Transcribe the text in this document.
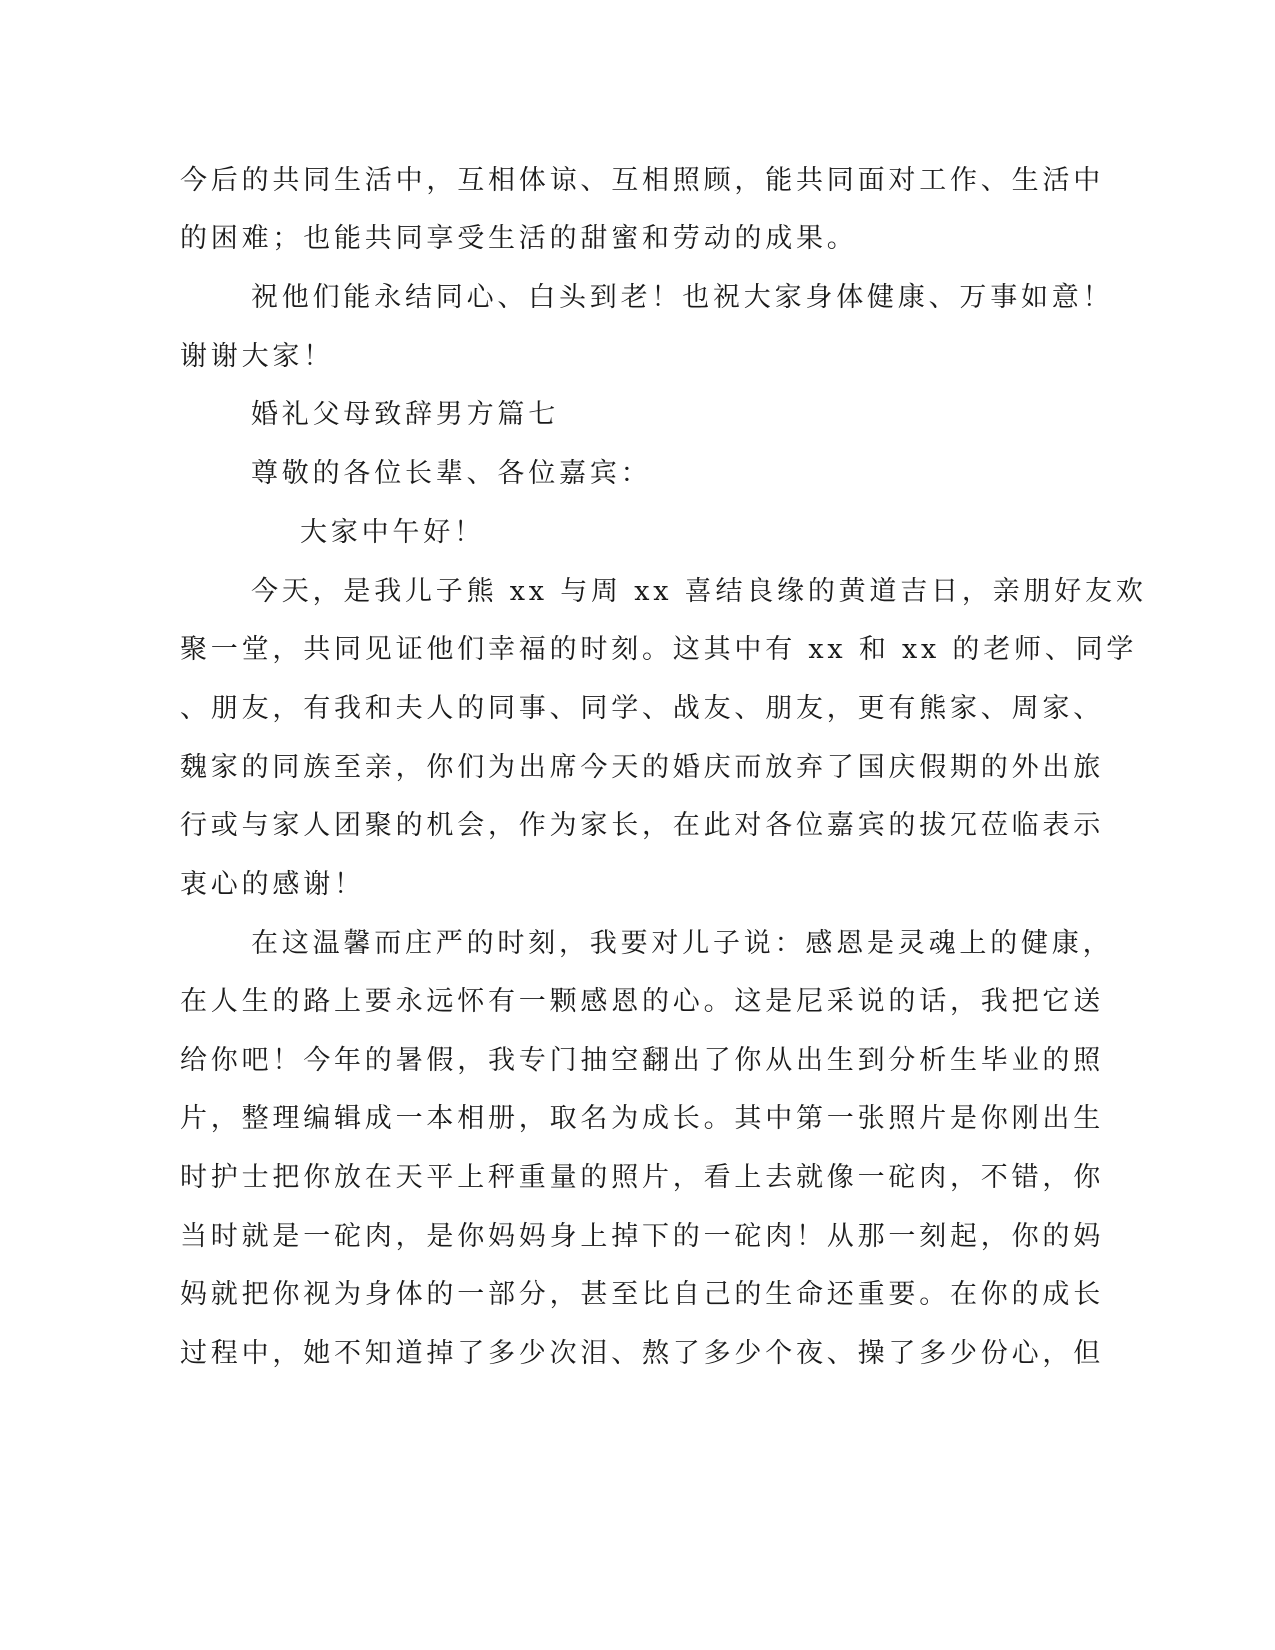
今后的共同生活中，互相体谅、互相照顾，能共同面对工作、生活中
的困难；也能共同享受生活的甜蜜和劳动的成果。
祝他们能永结同心、白头到老！也祝大家身体健康、万事如意！
谢谢大家！
婚礼父母致辞男方篇七
尊敬的各位长辈、各位嘉宾：
大家中午好！
今天，是我儿子熊 xx 与周 xx 喜结良缘的黄道吉日，亲朋好友欢
聚一堂，共同见证他们幸福的时刻。这其中有 xx 和 xx 的老师、同学
、朋友，有我和夫人的同事、同学、战友、朋友，更有熊家、周家、
魏家的同族至亲，你们为出席今天的婚庆而放弃了国庆假期的外出旅
行或与家人团聚的机会，作为家长，在此对各位嘉宾的拔冗莅临表示
衷心的感谢！
在这温馨而庄严的时刻，我要对儿子说：感恩是灵魂上的健康，
在人生的路上要永远怀有一颗感恩的心。这是尼采说的话，我把它送
给你吧！今年的暑假，我专门抽空翻出了你从出生到分析生毕业的照
片，整理编辑成一本相册，取名为成长。其中第一张照片是你刚出生
时护士把你放在天平上秤重量的照片，看上去就像一砣肉，不错，你
当时就是一砣肉，是你妈妈身上掉下的一砣肉！从那一刻起，你的妈
妈就把你视为身体的一部分，甚至比自己的生命还重要。在你的成长
过程中，她不知道掉了多少次泪、熬了多少个夜、操了多少份心，但
